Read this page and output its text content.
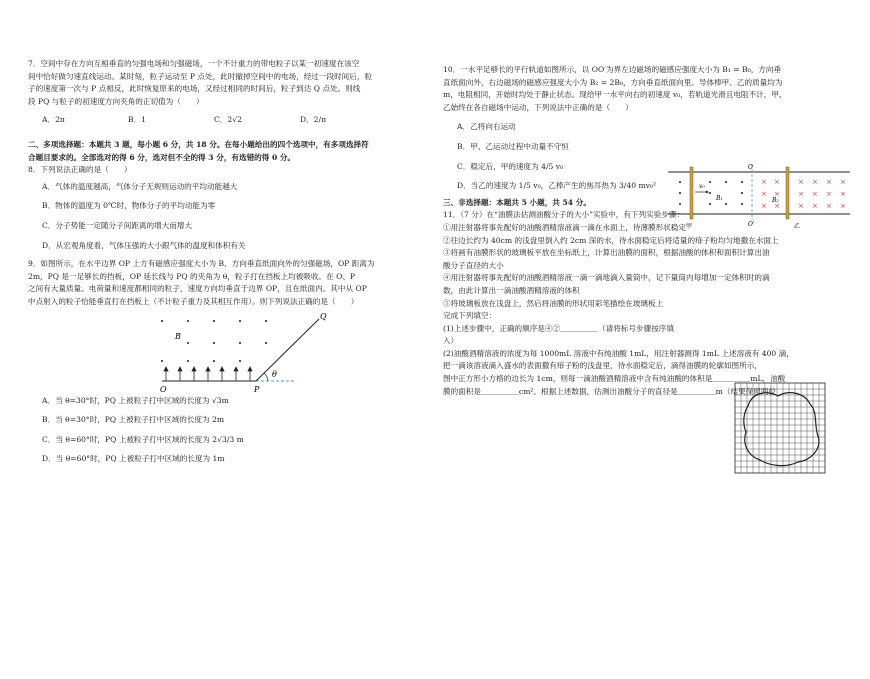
7．空间中存在方向互相垂直的匀强电场和匀强磁场，一个不计重力的带电粒子以某一初速度在该空

间中恰好做匀速直线运动。某时刻，粒子运动至 P 点处，此时撤掉空间中的电场，经过一段时间后，粒

子的速度第一次与 P 点相反，此时恢复原来的电场，又经过相同的时间后，粒子到达 Q 点处。则线

段 PQ 与粒子的初速度方向夹角的正切值为（　　）

A．2π	B．1	C．2√2	D．2/π

二、多项选择题：本题共 3 题，每小题 6 分，共 18 分。在每小题给出的四个选项中，有多项选择符

合题目要求的。全部选对的得 6 分，选对但不全的得 3 分，有选错的得 0 分。

8．下列说法正确的是（　　）

A．气体的温度越高，气体分子无规则运动的平均动能越大

B．物体的温度为 0℃时，物体分子的平均动能为零

C．分子势能一定随分子间距离的增大而增大

D．从宏观角度看，气体压强的大小跟气体的温度和体积有关

9．如图所示，在水平边界 OP 上方有磁感应强度大小为 B、方向垂直纸面向外的匀强磁场，OP 距离为

2m，PQ 是一足够长的挡板，OP 延长线与 PQ 的夹角为 θ，粒子打在挡板上均被吸收。在 O、P

之间有大量质量、电荷量和速度都相同的粒子，速度方向均垂直于边界 OP，且在纸面内。其中从 OP

中点射入的粒子恰能垂直打在挡板上（不计粒子重力及其相互作用）。则下列说法正确的是（　　）

B
O	P
Q
θ

A．当 θ=30°时，PQ 上被粒子打中区域的长度为 √3m

B．当 θ=30°时，PQ 上被粒子打中区域的长度为 2m

C．当 θ=60°时，PQ 上被粒子打中区域的长度为 2√3/3 m

D．当 θ=60°时，PQ 上被粒子打中区域的长度为 1m

10．一水平足够长的平行轨道如图所示，以 OO′为界左边磁场的磁感应强度大小为 B₁ = B₀，方向垂

直纸面向外，右边磁场的磁感应强度大小为 B₂ = 2B₀，方向垂直纸面向里。导体棒甲、乙的质量均为

m，电阻相同，开始时均处于静止状态。现给甲一水平向右的初速度 v₀，若轨道光滑且电阻不计，甲、

乙始终在各自磁场中运动，下列说法中正确的是（　　）

A．乙将向右运动

B．甲、乙运动过程中动量不守恒

C．稳定后，甲的速度为 4/5 v₀

D．当乙的速度为 1/5 v₀，乙棒产生的焦耳热为 3/40 mv₀²

三、非选择题：本题共 5 小题，共 54 分。

11．（7 分）在“油膜法估测油酸分子的大小”实验中，有下列实验步骤：

①用注射器将事先配好的油酸酒精溶液滴一滴在水面上，待薄膜形状稳定

②往边长约为 40cm 的浅盘里倒入约 2cm 深的水，待水面稳定后将适量的痱子粉均匀地撒在水面上

③将画有油膜形状的玻璃板平放在坐标纸上，计算出油膜的面积，根据油酸的体积和面积计算出油

酸分子直径的大小

④用注射器将事先配好的油酸酒精溶液一滴一滴地滴入量筒中，记下量筒内每增加一定体积时的滴

数，由此计算出一滴油酸酒精溶液的体积

⑤将玻璃板放在浅盘上，然后将油膜的形状用彩笔描绘在玻璃板上

完成下列填空：

(1)上述步骤中，正确的顺序是④②＿＿＿＿＿（请将标号步骤按序填

入）

(2)油酸酒精溶液的浓度为每 1000mL 溶液中有纯油酸 1mL，用注射器测得 1mL 上述溶液有 400 滴，

把一滴该溶液滴入盛水的表面撒有痱子粉的浅盘里，待水面稳定后，滴得油膜的轮廓如图所示，

图中正方形小方格的边长为 1cm，则每一滴油酸酒精溶液中含有纯油酸的体积是＿＿＿＿＿mL，油酸

膜的面积是＿＿＿＿＿cm²。根据上述数据，估测出油酸分子的直径是＿＿＿＿＿m（结果保留两位

× ×	× × × ×
× ×	× × × ×
× ×	× × × ×
v₀
B₁	B₂
O
O′
甲	乙
